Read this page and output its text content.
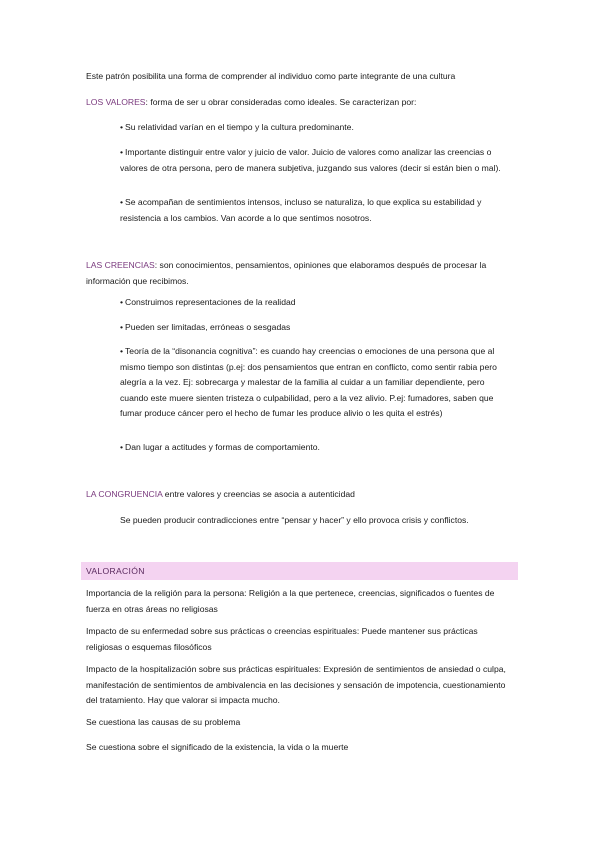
Este patrón posibilita una forma de comprender al individuo como parte integrante de una cultura

LOS VALORES: forma de ser u obrar consideradas como ideales. Se caracterizan por:

• Su relatividad varían en el tiempo y la cultura predominante.

• Importante distinguir entre valor y juicio de valor. Juicio de valores como analizar las creencias o valores de otra persona, pero de manera subjetiva, juzgando sus valores (decir si están bien o mal).

• Se acompañan de sentimientos intensos, incluso se naturaliza, lo que explica su estabilidad y resistencia a los cambios. Van acorde a lo que sentimos nosotros.

LAS CREENCIAS: son conocimientos, pensamientos, opiniones que elaboramos después de procesar la información que recibimos.

• Construimos representaciones de la realidad

• Pueden ser limitadas, erróneas o sesgadas

• Teoría de la “disonancia cognitiva”: es cuando hay creencias o emociones de una persona que al mismo tiempo son distintas (p.ej: dos pensamientos que entran en conflicto, como sentir rabia pero alegría a la vez. Ej: sobrecarga y malestar de la familia al cuidar a un familiar dependiente, pero cuando este muere sienten tristeza o culpabilidad, pero a la vez alivio. P.ej: fumadores, saben que fumar produce cáncer pero el hecho de fumar les produce alivio o les quita el estrés)

• Dan lugar a actitudes y formas de comportamiento.

LA CONGRUENCIA entre valores y creencias se asocia a autenticidad

Se pueden producir contradicciones entre “pensar y hacer” y ello provoca crisis y conflictos.

VALORACIÓN

Importancia de la religión para la persona: Religión a la que pertenece, creencias, significados o fuentes de fuerza en otras áreas no religiosas

Impacto de su enfermedad sobre sus prácticas o creencias espirituales: Puede mantener sus prácticas religiosas o esquemas filosóficos

Impacto de la hospitalización sobre sus prácticas espirituales: Expresión de sentimientos de ansiedad o culpa, manifestación de sentimientos de ambivalencia en las decisiones y sensación de impotencia, cuestionamiento del tratamiento. Hay que valorar si impacta mucho.

Se cuestiona las causas de su problema

Se cuestiona sobre el significado de la existencia, la vida o la muerte
